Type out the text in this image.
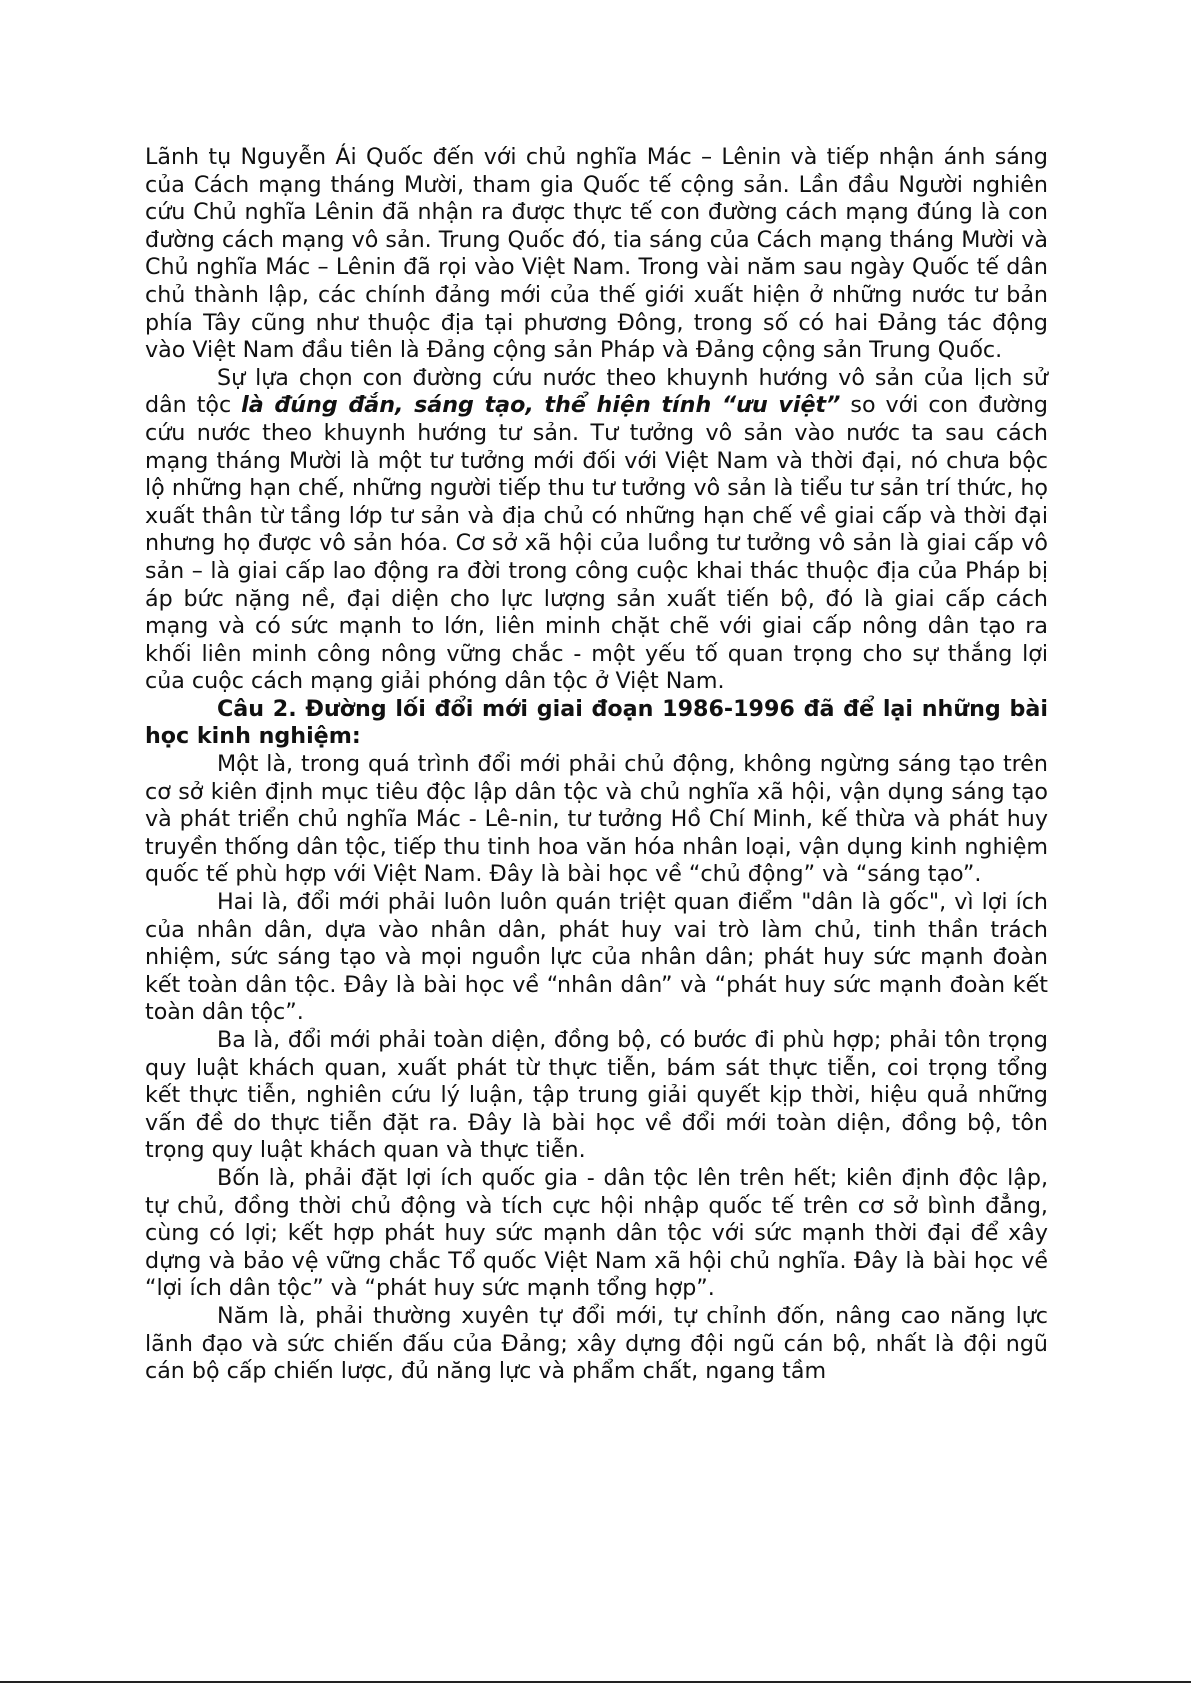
Lãnh tụ Nguyễn Ái Quốc đến với chủ nghĩa Mác – Lênin và tiếp nhận ánh sáng của Cách mạng tháng Mười, tham gia Quốc tế cộng sản. Lần đầu Người nghiên cứu Chủ nghĩa Lênin đã nhận ra được thực tế con đường cách mạng đúng là con đường cách mạng vô sản. Trung Quốc đó, tia sáng của Cách mạng tháng Mười và Chủ nghĩa Mác – Lênin đã rọi vào Việt Nam. Trong vài năm sau ngày Quốc tế dân chủ thành lập, các chính đảng mới của thế giới xuất hiện ở những nước tư bản phía Tây cũng như thuộc địa tại phương Đông, trong số có hai Đảng tác động vào Việt Nam đầu tiên là Đảng cộng sản Pháp và Đảng cộng sản Trung Quốc.

Sự lựa chọn con đường cứu nước theo khuynh hướng vô sản của lịch sử dân tộc là đúng đắn, sáng tạo, thể hiện tính “ưu việt” so với con đường cứu nước theo khuynh hướng tư sản. Tư tưởng vô sản vào nước ta sau cách mạng tháng Mười là một tư tưởng mới đối với Việt Nam và thời đại, nó chưa bộc lộ những hạn chế, những người tiếp thu tư tưởng vô sản là tiểu tư sản trí thức, họ xuất thân từ tầng lớp tư sản và địa chủ có những hạn chế về giai cấp và thời đại nhưng họ được vô sản hóa. Cơ sở xã hội của luồng tư tưởng vô sản là giai cấp vô sản – là giai cấp lao động ra đời trong công cuộc khai thác thuộc địa của Pháp bị áp bức nặng nề, đại diện cho lực lượng sản xuất tiến bộ, đó là giai cấp cách mạng và có sức mạnh to lớn, liên minh chặt chẽ với giai cấp nông dân tạo ra khối liên minh công nông vững chắc - một yếu tố quan trọng cho sự thắng lợi của cuộc cách mạng giải phóng dân tộc ở Việt Nam.

Câu 2. Đường lối đổi mới giai đoạn 1986-1996 đã để lại những bài học kinh nghiệm:

Một là, trong quá trình đổi mới phải chủ động, không ngừng sáng tạo trên cơ sở kiên định mục tiêu độc lập dân tộc và chủ nghĩa xã hội, vận dụng sáng tạo và phát triển chủ nghĩa Mác - Lê-nin, tư tưởng Hồ Chí Minh, kế thừa và phát huy truyền thống dân tộc, tiếp thu tinh hoa văn hóa nhân loại, vận dụng kinh nghiệm quốc tế phù hợp với Việt Nam. Đây là bài học về “chủ động” và “sáng tạo”.

Hai là, đổi mới phải luôn luôn quán triệt quan điểm "dân là gốc", vì lợi ích của nhân dân, dựa vào nhân dân, phát huy vai trò làm chủ, tinh thần trách nhiệm, sức sáng tạo và mọi nguồn lực của nhân dân; phát huy sức mạnh đoàn kết toàn dân tộc. Đây là bài học về “nhân dân” và “phát huy sức mạnh đoàn kết toàn dân tộc”.

Ba là, đổi mới phải toàn diện, đồng bộ, có bước đi phù hợp; phải tôn trọng quy luật khách quan, xuất phát từ thực tiễn, bám sát thực tiễn, coi trọng tổng kết thực tiễn, nghiên cứu lý luận, tập trung giải quyết kịp thời, hiệu quả những vấn đề do thực tiễn đặt ra. Đây là bài học về đổi mới toàn diện, đồng bộ, tôn trọng quy luật khách quan và thực tiễn.

Bốn là, phải đặt lợi ích quốc gia - dân tộc lên trên hết; kiên định độc lập, tự chủ, đồng thời chủ động và tích cực hội nhập quốc tế trên cơ sở bình đẳng, cùng có lợi; kết hợp phát huy sức mạnh dân tộc với sức mạnh thời đại để xây dựng và bảo vệ vững chắc Tổ quốc Việt Nam xã hội chủ nghĩa. Đây là bài học về “lợi ích dân tộc” và “phát huy sức mạnh tổng hợp”.

Năm là, phải thường xuyên tự đổi mới, tự chỉnh đốn, nâng cao năng lực lãnh đạo và sức chiến đấu của Đảng; xây dựng đội ngũ cán bộ, nhất là đội ngũ cán bộ cấp chiến lược, đủ năng lực và phẩm chất, ngang tầm
